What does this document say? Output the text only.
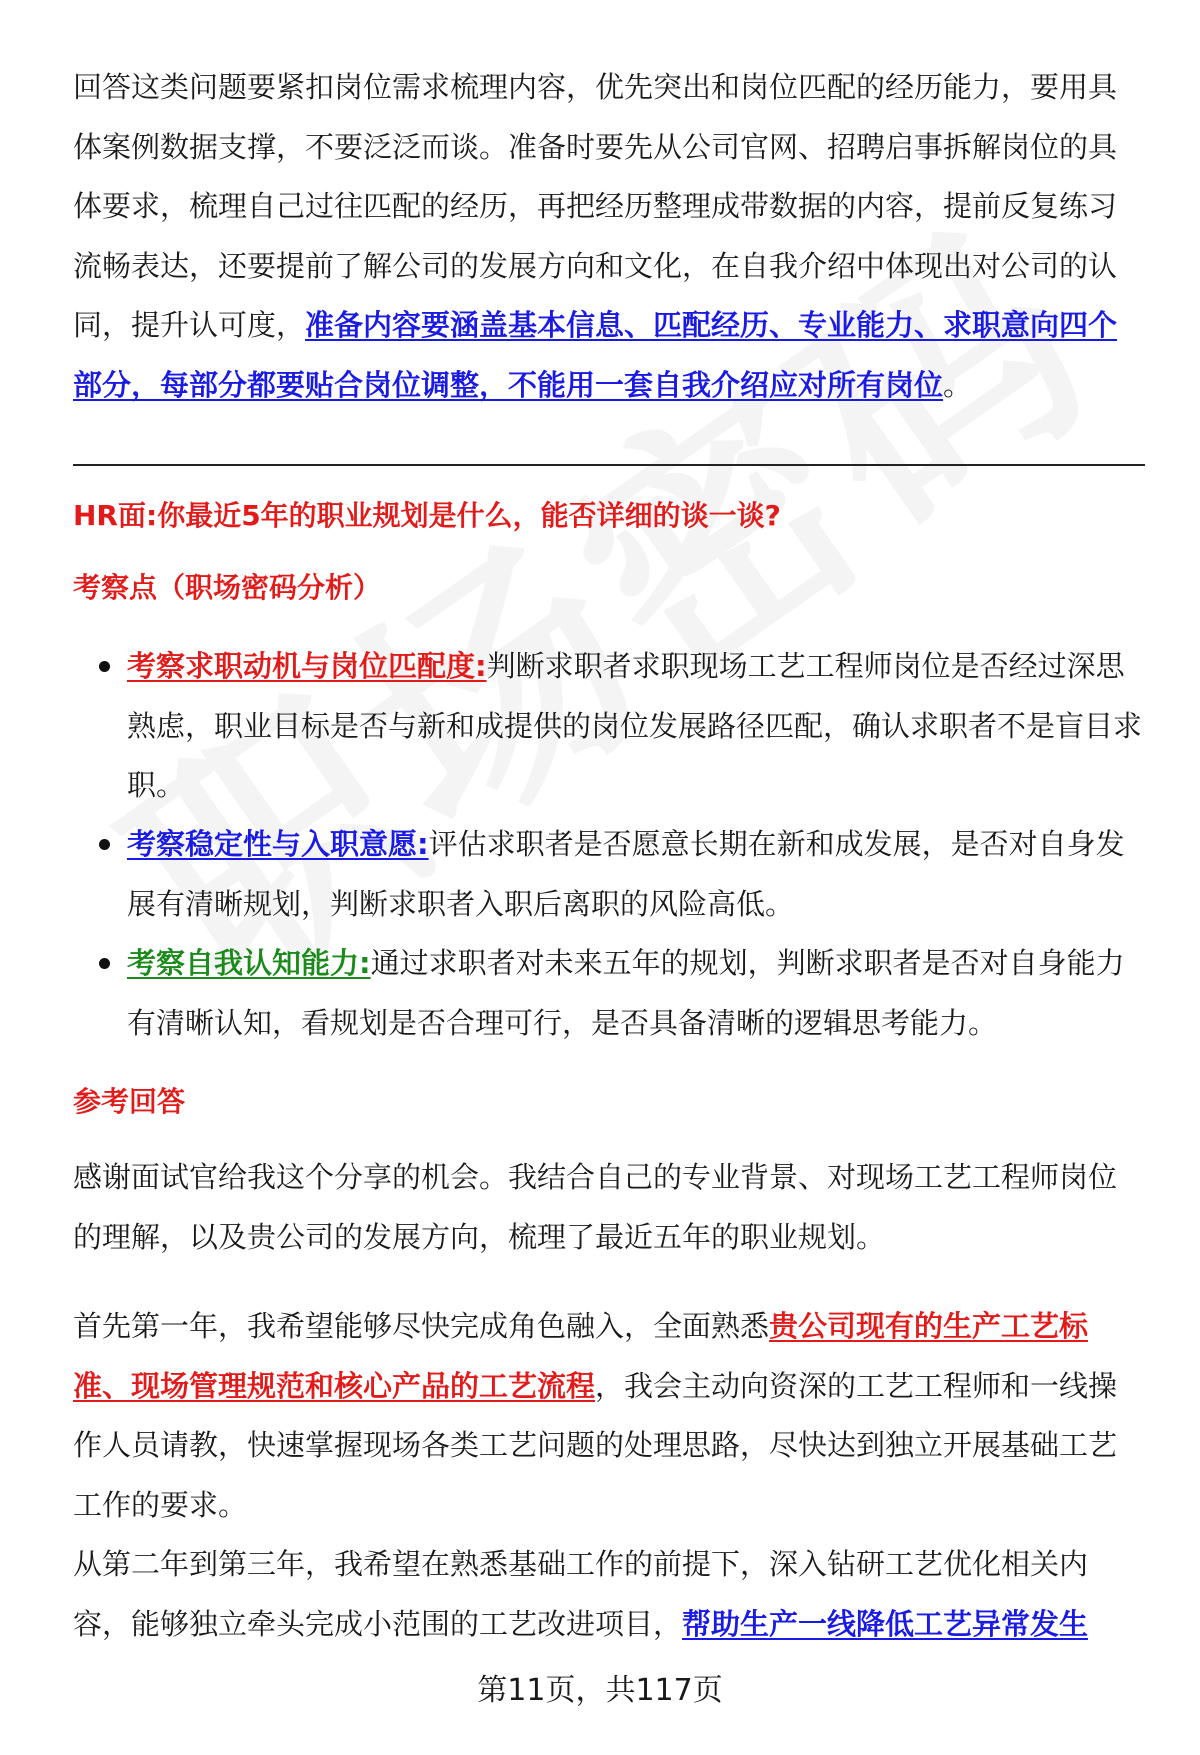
回答这类问题要紧扣岗位需求梳理内容，优先突出和岗位匹配的经历能力，要用具体案例数据支撑，不要泛泛而谈。准备时要先从公司官网、招聘启事拆解岗位的具体要求，梳理自己过往匹配的经历，再把经历整理成带数据的内容，提前反复练习流畅表达，还要提前了解公司的发展方向和文化，在自我介绍中体现出对公司的认同，提升认可度，准备内容要涵盖基本信息、匹配经历、专业能力、求职意向四个部分，每部分都要贴合岗位调整，不能用一套自我介绍应对所有岗位。

HR面:你最近5年的职业规划是什么，能否详细的谈一谈?

考察点（职场密码分析）

考察求职动机与岗位匹配度:判断求职者求职现场工艺工程师岗位是否经过深思熟虑，职业目标是否与新和成提供的岗位发展路径匹配，确认求职者不是盲目求职。

考察稳定性与入职意愿:评估求职者是否愿意长期在新和成发展，是否对自身发展有清晰规划，判断求职者入职后离职的风险高低。

考察自我认知能力:通过求职者对未来五年的规划，判断求职者是否对自身能力有清晰认知，看规划是否合理可行，是否具备清晰的逻辑思考能力。

参考回答

感谢面试官给我这个分享的机会。我结合自己的专业背景、对现场工艺工程师岗位的理解，以及贵公司的发展方向，梳理了最近五年的职业规划。

首先第一年，我希望能够尽快完成角色融入，全面熟悉贵公司现有的生产工艺标准、现场管理规范和核心产品的工艺流程，我会主动向资深的工艺工程师和一线操作人员请教，快速掌握现场各类工艺问题的处理思路，尽快达到独立开展基础工艺工作的要求。

从第二年到第三年，我希望在熟悉基础工作的前提下，深入钻研工艺优化相关内容，能够独立牵头完成小范围的工艺改进项目，帮助生产一线降低工艺异常发生

第11页，共117页
